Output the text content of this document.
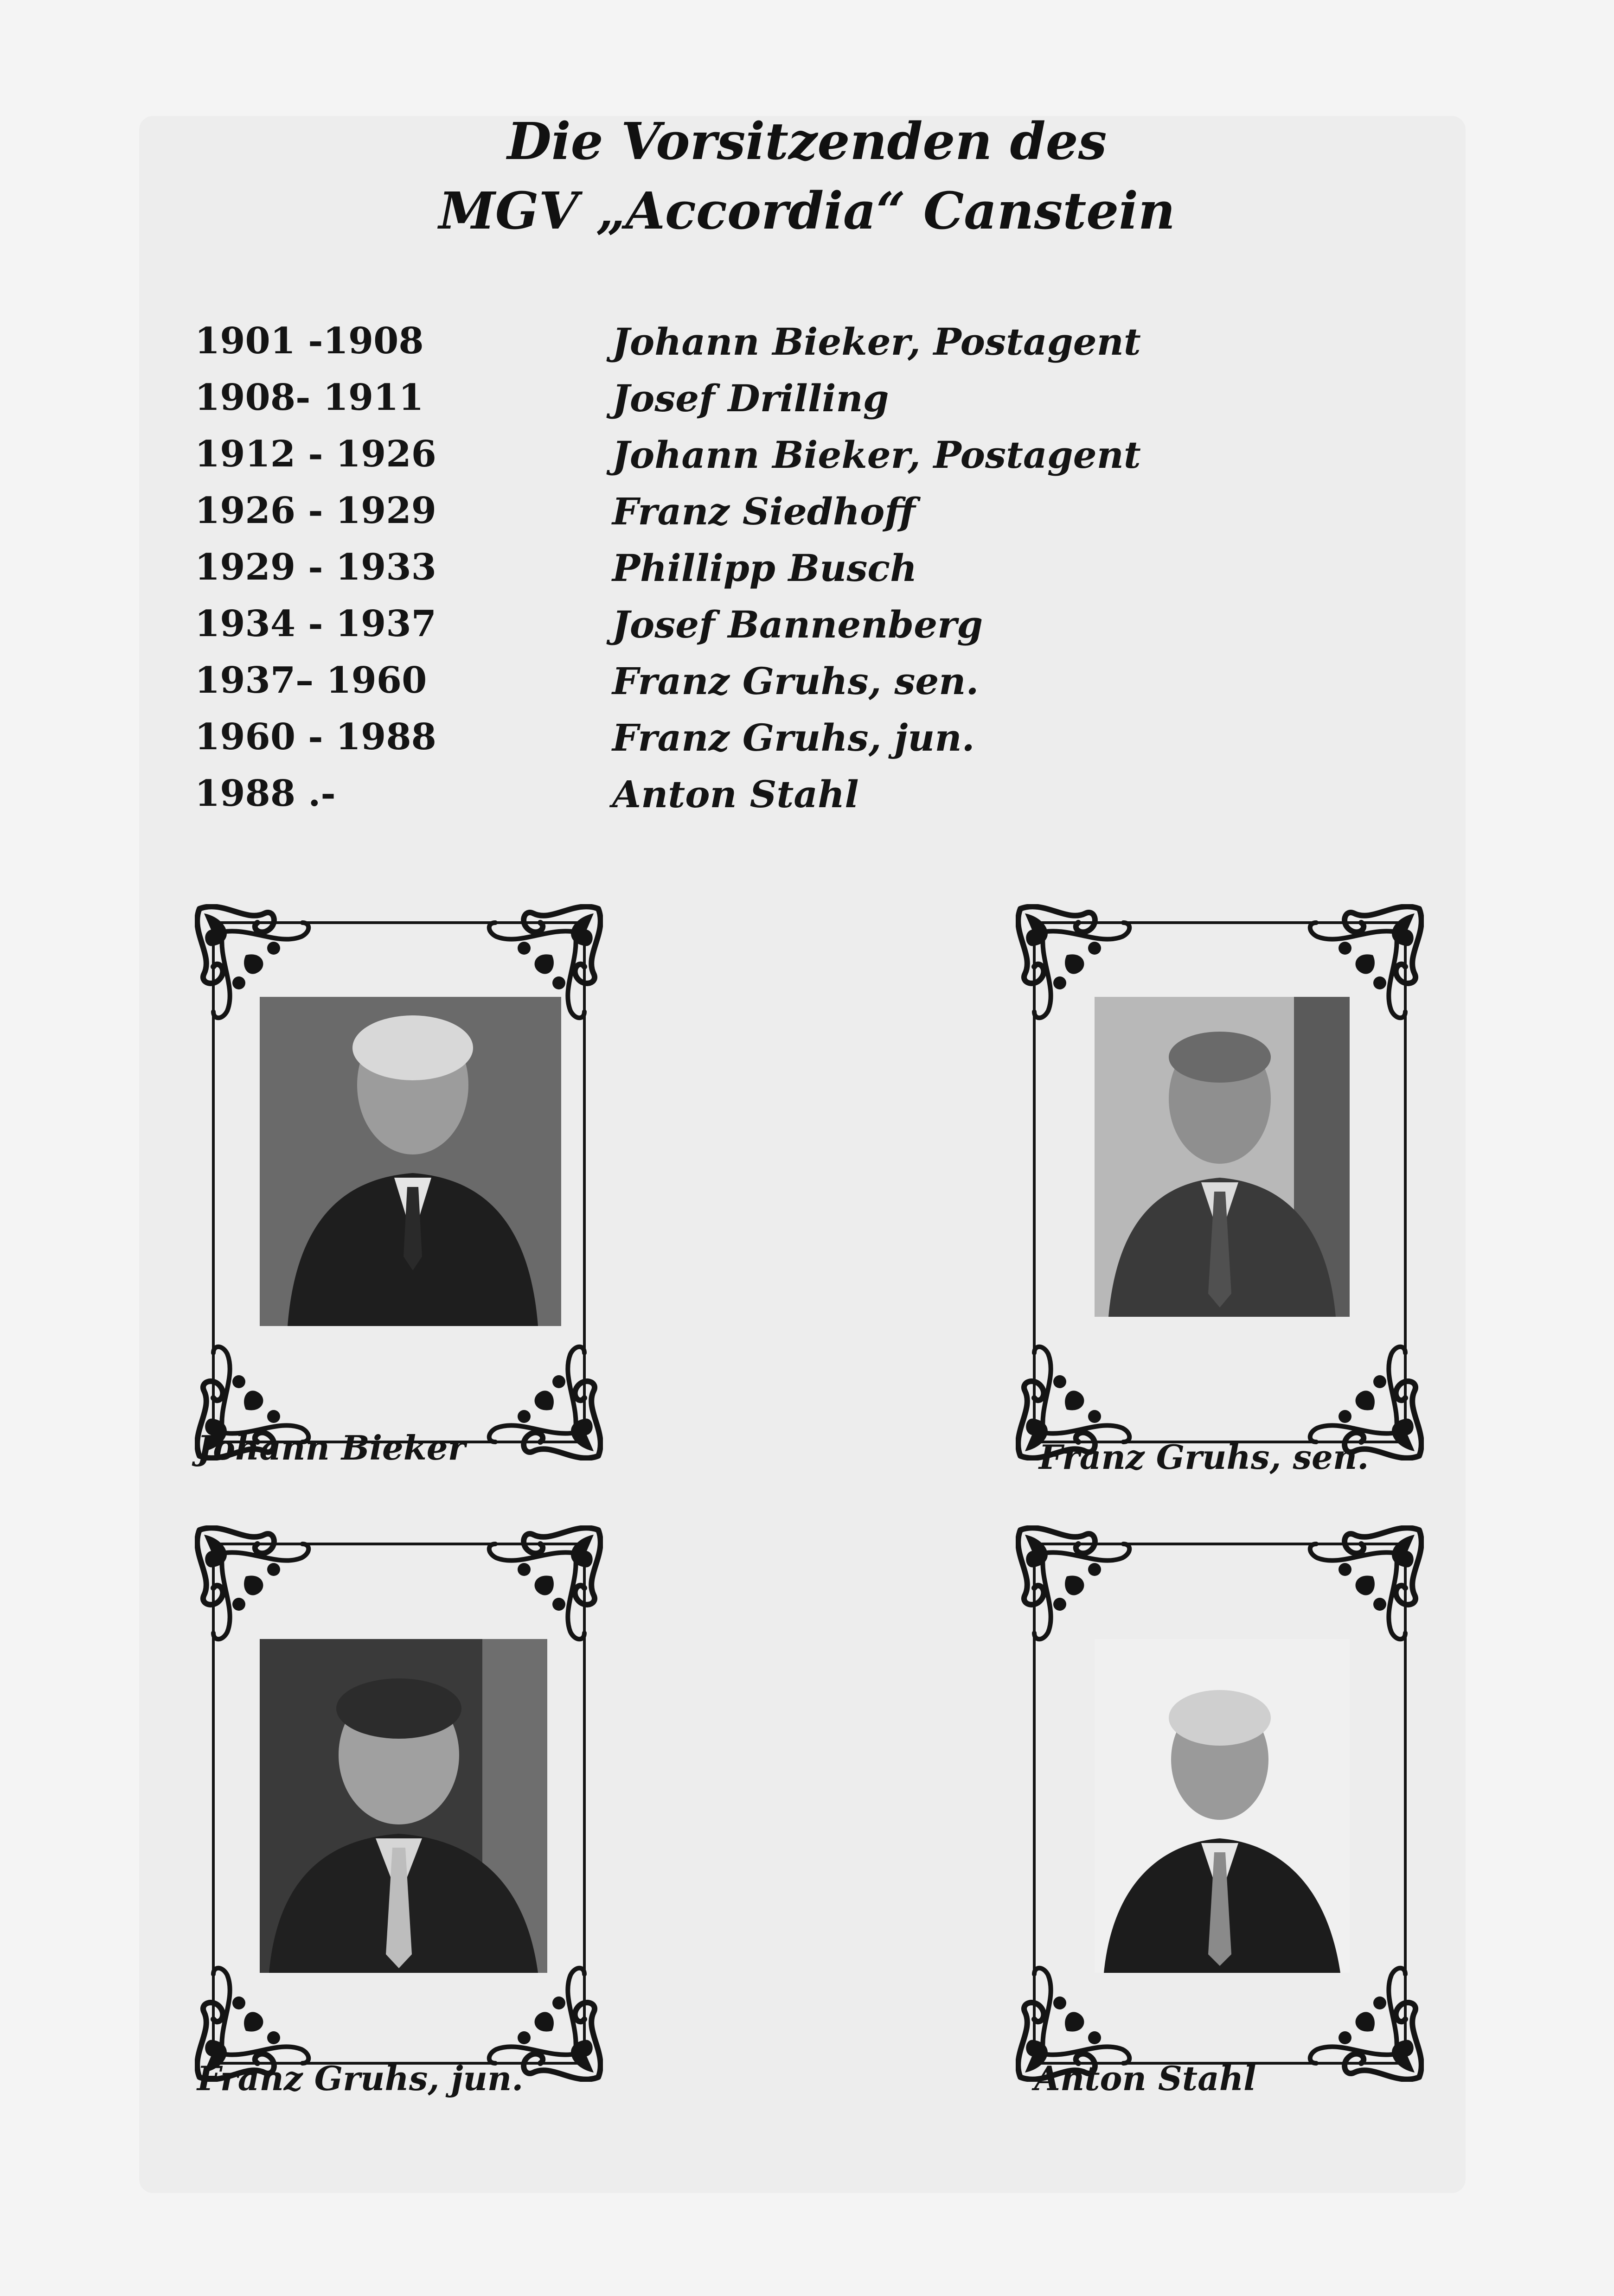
Die Vorsitzenden des
MGV „Accordia“ Canstein
1901 -1908	Johann Bieker, Postagent
1908- 1911	Josef Drilling
1912 - 1926	Johann Bieker, Postagent
1926 - 1929	Franz Siedhoff
1929 - 1933	Phillipp Busch
1934 - 1937	Josef Bannenberg
1937– 1960	Franz Gruhs, sen.
1960 - 1988	Franz Gruhs, jun.
1988 .-	Anton Stahl
Johann Bieker	Franz Gruhs, sen.
Franz Gruhs, jun.	Anton Stahl
